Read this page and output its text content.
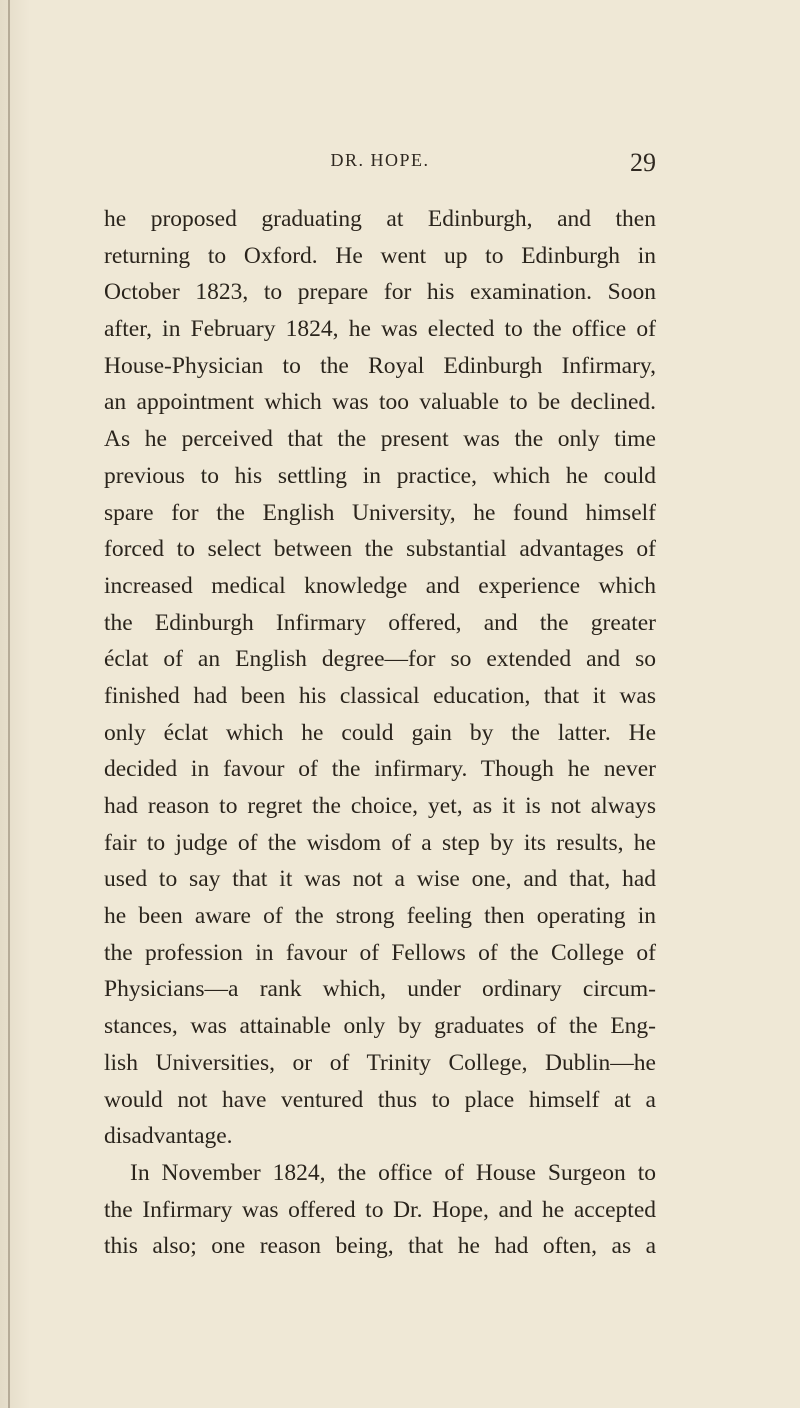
DR. HOPE.	29
he proposed graduating at Edinburgh, and then
returning to Oxford. He went up to Edinburgh in
October 1823, to prepare for his examination. Soon
after, in February 1824, he was elected to the office of
House-Physician to the Royal Edinburgh Infirmary,
an appointment which was too valuable to be declined.
As he perceived that the present was the only time
previous to his settling in practice, which he could
spare for the English University, he found himself
forced to select between the substantial advantages of
increased medical knowledge and experience which
the Edinburgh Infirmary offered, and the greater
éclat of an English degree—for so extended and so
finished had been his classical education, that it was
only éclat which he could gain by the latter. He
decided in favour of the infirmary. Though he never
had reason to regret the choice, yet, as it is not always
fair to judge of the wisdom of a step by its results, he
used to say that it was not a wise one, and that, had
he been aware of the strong feeling then operating in
the profession in favour of Fellows of the College of
Physicians—a rank which, under ordinary circum-
stances, was attainable only by graduates of the Eng-
lish Universities, or of Trinity College, Dublin—he
would not have ventured thus to place himself at a
disadvantage.
In November 1824, the office of House Surgeon to
the Infirmary was offered to Dr. Hope, and he accepted
this also; one reason being, that he had often, as a
